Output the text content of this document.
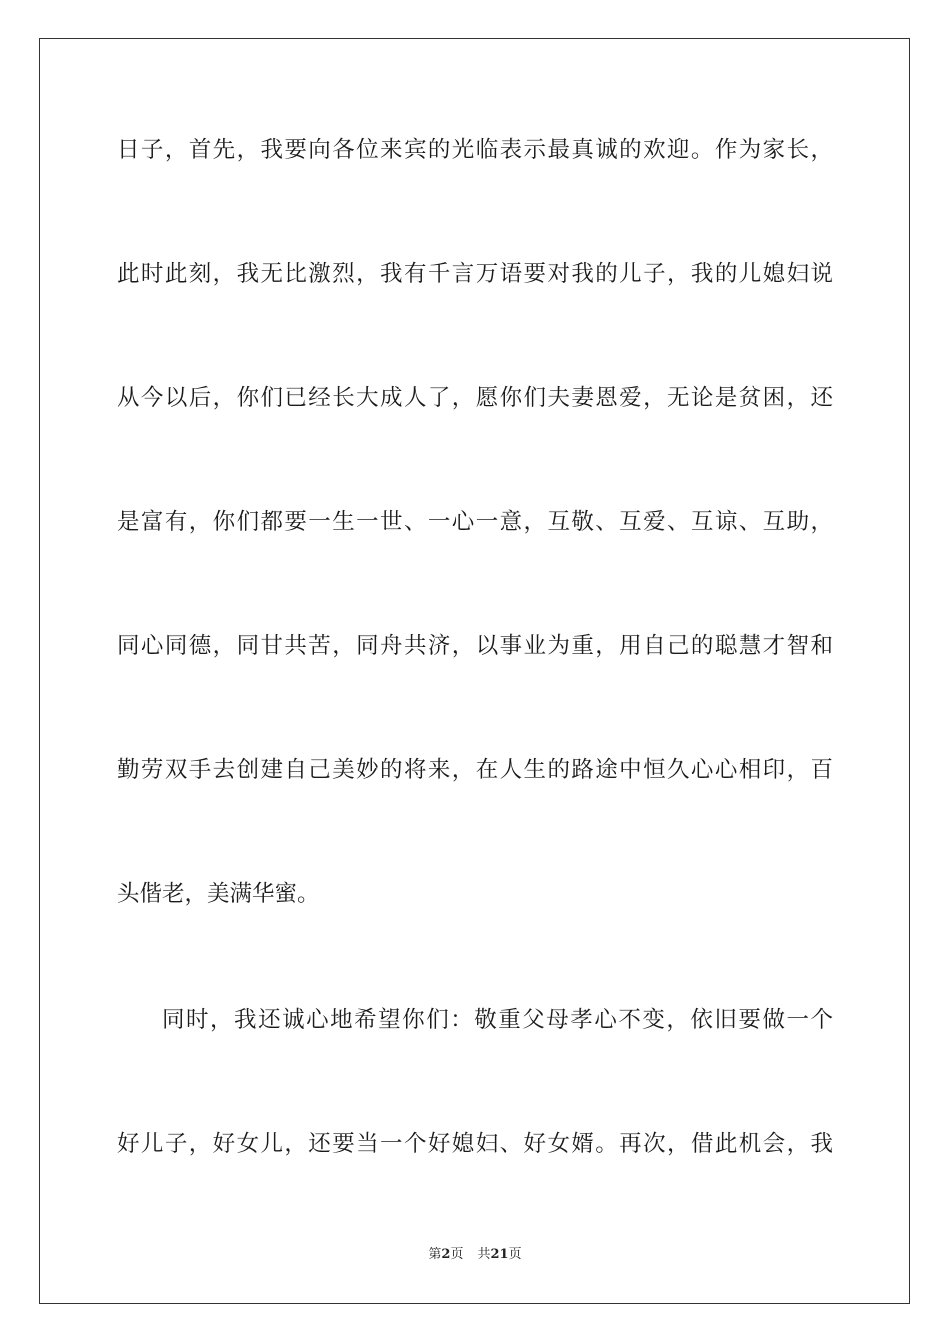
日子，首先，我要向各位来宾的光临表示最真诚的欢迎。作为家长，
此时此刻，我无比激烈，我有千言万语要对我的儿子，我的儿媳妇说
从今以后，你们已经长大成人了，愿你们夫妻恩爱，无论是贫困，还
是富有，你们都要一生一世、一心一意，互敬、互爱、互谅、互助，
同心同德，同甘共苦，同舟共济，以事业为重，用自己的聪慧才智和
勤劳双手去创建自己美妙的将来，在人生的路途中恒久心心相印，百
头偕老，美满华蜜。
同时，我还诚心地希望你们：敬重父母孝心不变，依旧要做一个
好儿子，好女儿，还要当一个好媳妇、好女婿。再次，借此机会，我
第2页 共21页
